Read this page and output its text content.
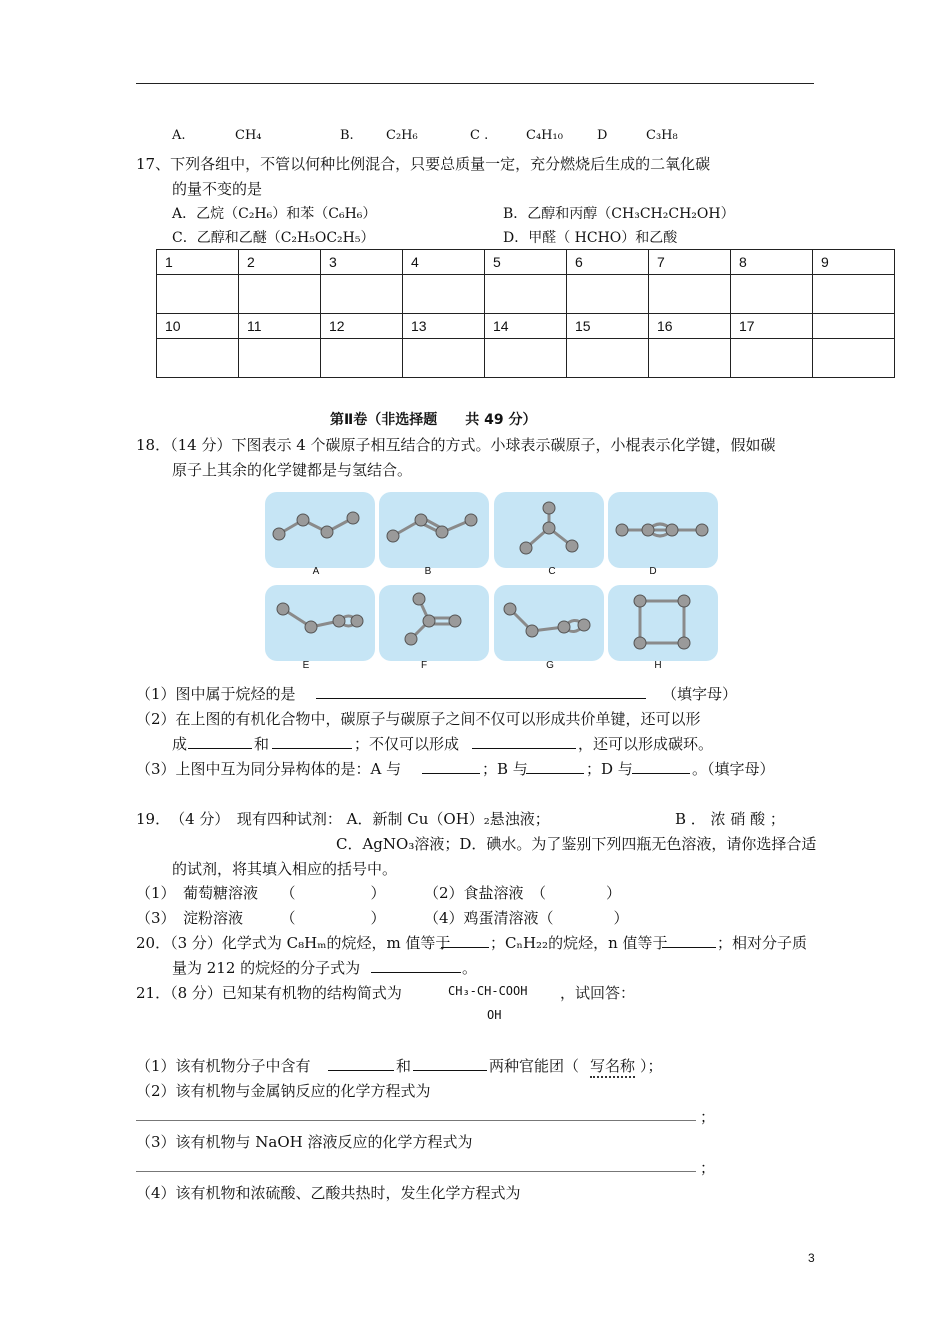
A.	CH₄	B. C₂H₆	C .	C₄H₁₀	D	C₃H₈
17、下列各组中，不管以何种比例混合，只要总质量一定，充分燃烧后生成的二氧化碳
的量不变的是
A．乙烷（C₂H₆）和苯（C₆H₆）	B．乙醇和丙醇（CH₃CH₂CH₂OH）
C．乙醇和乙醚（C₂H₅OC₂H₅）	D．甲醛（ HCHO）和乙酸
1	2	3	4	5	6	7	8	9

10	11	12	13	14	15	16	17	

第Ⅱ卷（非选择题　　共 49 分）
18．（14 分）下图表示 4 个碳原子相互结合的方式。小球表示碳原子，小棍表示化学键，假如碳
原子上其余的化学键都是与氢结合。
A	B	C	D
E	F	G	H
（1）图中属于烷烃的是	（填字母）
（2）在上图的有机化合物中，碳原子与碳原子之间不仅可以形成共价单键，还可以形
成	和	；不仅可以形成	，还可以形成碳环。
（3）上图中互为同分异构体的是：A 与	；B 与	；D 与	。（填字母）
19．　（4 分）　现有四种试剂： A．新制 Cu（OH）₂悬浊液；	B ． 浓 硝 酸 ；
C．AgNO₃溶液；D．碘水。为了鉴别下列四瓶无色溶液，请你选择合适
的试剂，将其填入相应的括号中。
（1）　葡萄糖溶液　　（　　　　　）	（2）食盐溶液　（　　　　）
（3）　淀粉溶液　　　（　　　　　）	（4）鸡蛋清溶液（　　　　）
20．（3 分）化学式为 C₈Hₘ的烷烃，m 值等于	；CₙH₂₂的烷烃，n 值等于	；相对分子质
量为 212 的烷烃的分子式为	。
21．（8 分）已知某有机物的结构简式为	CH₃-CH-COOH ，试回答：
OH
（1）该有机物分子中含有	和	两种官能团（ 写名称 ）；
（2）该有机物与金属钠反应的化学方程式为
；
（3）该有机物与 NaOH 溶液反应的化学方程式为
；
（4）该有机物和浓硫酸、乙酸共热时，发生化学方程式为
3
